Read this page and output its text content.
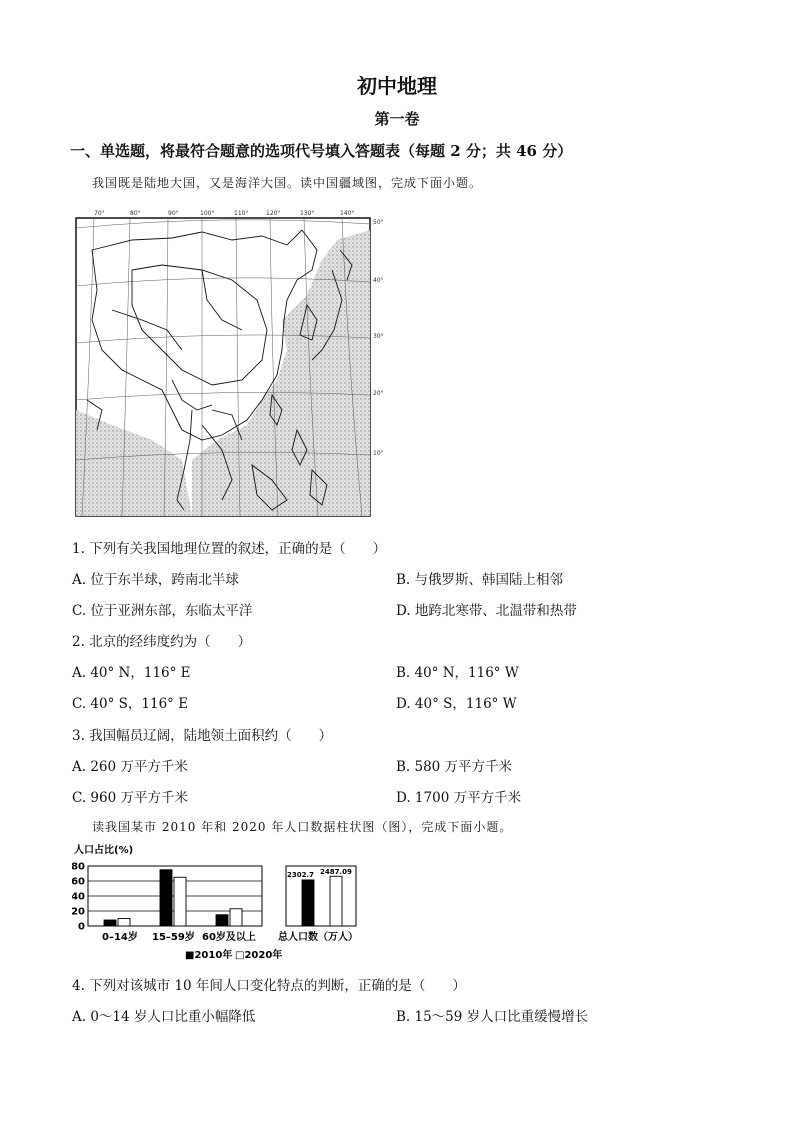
初中地理
第一卷
一、单选题，将最符合题意的选项代号填入答题表（每题 2 分；共 46 分）
我国既是陆地大国，又是海洋大国。读中国疆域图，完成下面小题。
70°	80°	90°	100°	110°	120°	130°	140°
50°
40°
30°
20°
10°
1. 下列有关我国地理位置的叙述，正确的是（　　）
A. 位于东半球，跨南北半球	B. 与俄罗斯、韩国陆上相邻
C. 位于亚洲东部，东临太平洋	D. 地跨北寒带、北温带和热带
2. 北京的经纬度约为（　　）
A. 40° N，116° E	B. 40° N，116° W
C. 40° S，116° E	D. 40° S，116° W
3. 我国幅员辽阔，陆地领土面积约（　　）
A. 260 万平方千米	B. 580 万平方千米
C. 960 万平方千米	D. 1700 万平方千米
读我国某市 2010 年和 2020 年人口数据柱状图（图），完成下面小题。
人口占比(%)
80
60
40
20
0
0–14岁 15–59岁 60岁及以上 总人口数（万人）
2302.7 2487.09
■2010年 □2020年
4. 下列对该城市 10 年间人口变化特点的判断，正确的是（　　）
A. 0～14 岁人口比重小幅降低	B. 15～59 岁人口比重缓慢增长
